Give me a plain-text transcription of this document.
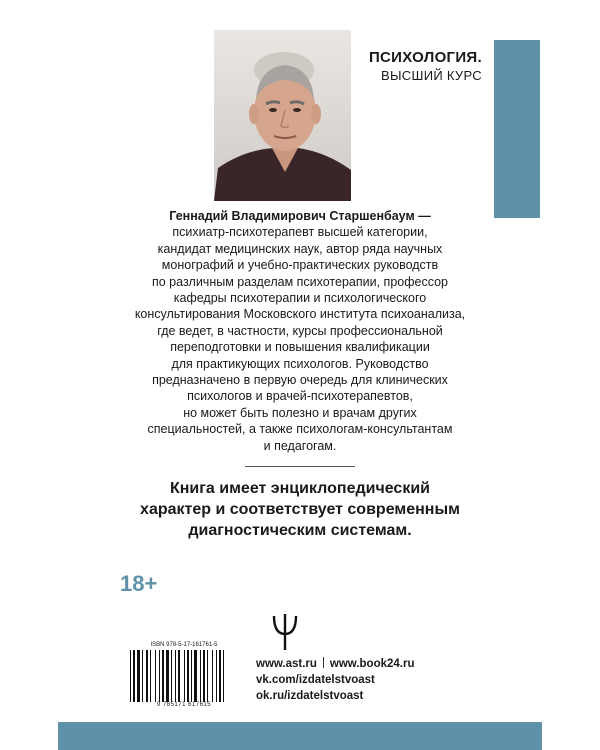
ПСИХОЛОГИЯ.
ВЫСШИЙ КУРС

Геннадий Владимирович Старшенбаум —

психиатр-психотерапевт высшей категории,

кандидат медицинских наук, автор ряда научных

монографий и учебно-практических руководств

по различным разделам психотерапии, профессор

кафедры психотерапии и психологического

консультирования Московского института психоанализа,

где ведет, в частности, курсы профессиональной

переподготовки и повышения квалификации

для практикующих психологов. Руководство

предназначено в первую очередь для клинических

психологов и врачей-психотерапевтов,

но может быть полезно и врачам других

специальностей, а также психологам-консультантам

и педагогам.

Книга имеет энциклопедический

характер и соответствует современным

диагностическим системам.

18+
ISBN 978-5-17-161761-5
9 785171 617615
www.ast.ru www.book24.ru
vk.com/izdatelstvoast
ok.ru/izdatelstvoast
